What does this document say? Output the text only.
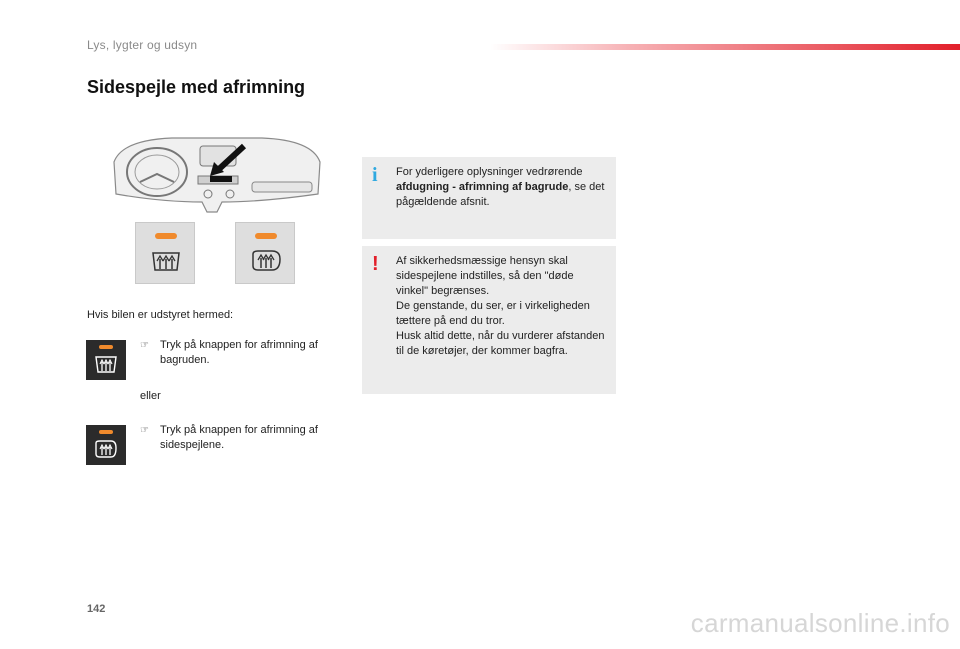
Lys, lygter og udsyn
Sidespejle med afrimning
Hvis bilen er udstyret hermed:
☞	Tryk på knappen for afrimning af bagruden.
eller
☞	Tryk på knappen for afrimning af sidespejlene.
i For yderligere oplysninger vedrørende afdugning - afrimning af bagrude, se det pågældende afsnit.
! Af sikkerhedsmæssige hensyn skal sidespejlene indstilles, så den "døde vinkel" begrænses.
De genstande, du ser, er i virkeligheden tættere på end du tror.
Husk altid dette, når du vurderer afstanden til de køretøjer, der kommer bagfra.
142	carmanualsonline.info
